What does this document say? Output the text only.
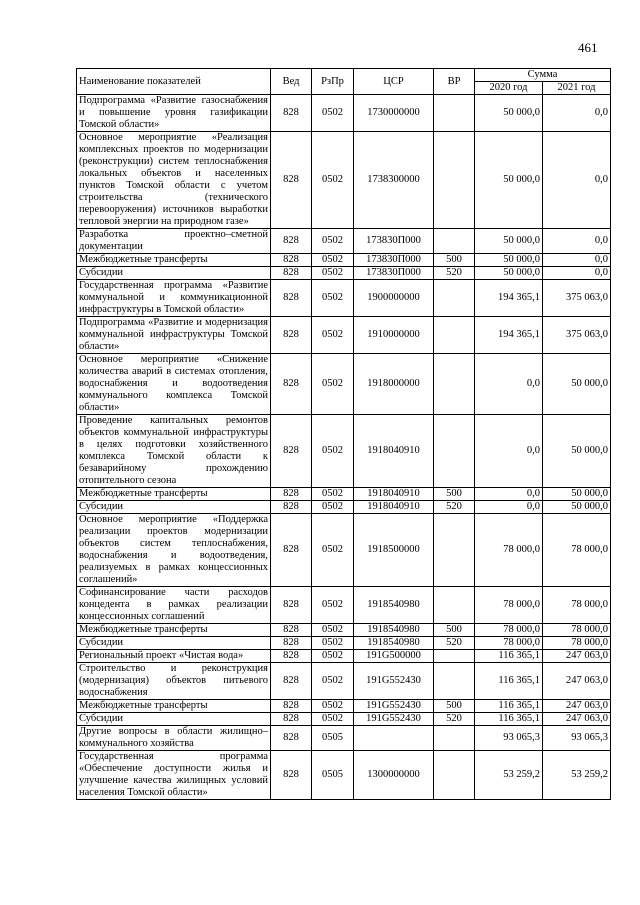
461
Наименование показателей	Вед	РзПр	ЦСР	ВР	Сумма	
					2020 год	2021 год
Подпрограмма «Развитие газоснабжения и повышение уровня газификации Томской области»	828	0502	1730000000		50 000,0	0,0
Основное мероприятие «Реализация комплексных проектов по модернизации (реконструкции) систем теплоснабжения локальных объектов и населенных пунктов Томской области с учетом строительства (технического перевооружения) источников выработки тепловой энергии на природном газе»	828	0502	1738300000		50 000,0	0,0
Разработка проектно–сметной документации	828	0502	173830П000		50 000,0	0,0
Межбюджетные трансферты	828	0502	173830П000	500	50 000,0	0,0
Субсидии	828	0502	173830П000	520	50 000,0	0,0
Государственная программа «Развитие коммунальной и коммуникационной инфраструктуры в Томской области»	828	0502	1900000000		194 365,1	375 063,0
Подпрограмма «Развитие и модернизация коммунальной инфраструктуры Томской области»	828	0502	1910000000		194 365,1	375 063,0
Основное мероприятие «Снижение количества аварий в системах отопления, водоснабжения и водоотведения коммунального комплекса Томской области»	828	0502	1918000000		0,0	50 000,0
Проведение капитальных ремонтов объектов коммунальной инфраструктуры в целях подготовки хозяйственного комплекса Томской области к безаварийному прохождению отопительного сезона	828	0502	1918040910		0,0	50 000,0
Межбюджетные трансферты	828	0502	1918040910	500	0,0	50 000,0
Субсидии	828	0502	1918040910	520	0,0	50 000,0
Основное мероприятие «Поддержка реализации проектов модернизации объектов систем теплоснабжения, водоснабжения и водоотведения, реализуемых в рамках концессионных соглашений»	828	0502	1918500000		78 000,0	78 000,0
Софинансирование части расходов концедента в рамках реализации концессионных соглашений	828	0502	1918540980		78 000,0	78 000,0
Межбюджетные трансферты	828	0502	1918540980	500	78 000,0	78 000,0
Субсидии	828	0502	1918540980	520	78 000,0	78 000,0
Региональный проект «Чистая вода»	828	0502	191G500000		116 365,1	247 063,0
Строительство и реконструкция (модернизация) объектов питьевого водоснабжения	828	0502	191G552430		116 365,1	247 063,0
Межбюджетные трансферты	828	0502	191G552430	500	116 365,1	247 063,0
Субсидии	828	0502	191G552430	520	116 365,1	247 063,0
Другие вопросы в области жилищно–коммунального хозяйства	828	0505			93 065,3	93 065,3
Государственная программа «Обеспечение доступности жилья и улучшение качества жилищных условий населения Томской области»	828	0505	1300000000		53 259,2	53 259,2
